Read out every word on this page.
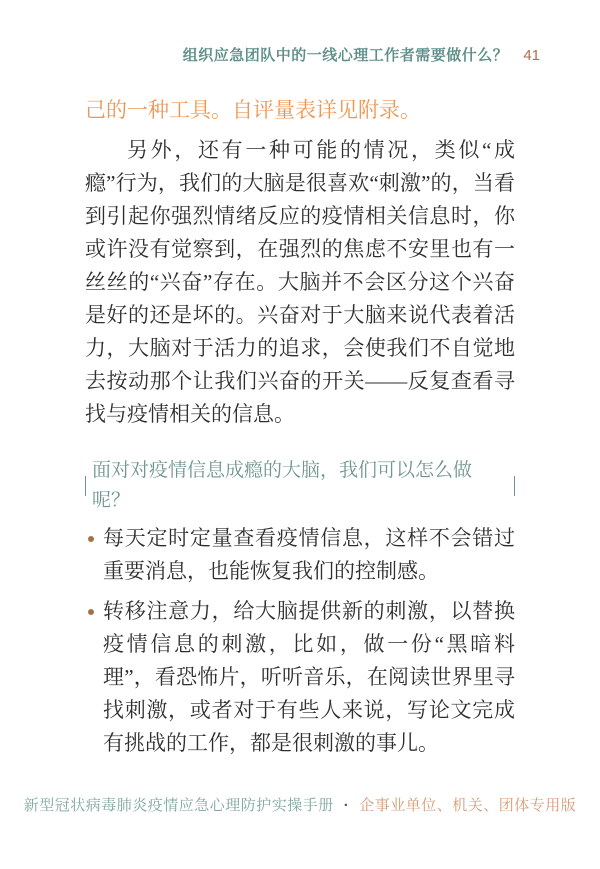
组织应急团队中的一线心理工作者需要做什么？ 41
己的一种工具。自评量表详见附录。

另外，还有一种可能的情况，类似“成瘾”行为，我们的大脑是很喜欢“刺激”的，当看到引起你强烈情绪反应的疫情相关信息时，你或许没有觉察到，在强烈的焦虑不安里也有一丝丝的“兴奋”存在。大脑并不会区分这个兴奋是好的还是坏的。兴奋对于大脑来说代表着活力，大脑对于活力的追求，会使我们不自觉地去按动那个让我们兴奋的开关——反复查看寻找与疫情相关的信息。

面对对疫情信息成瘾的大脑，我们可以怎么做呢？
每天定时定量查看疫情信息，这样不会错过重要消息，也能恢复我们的控制感。
转移注意力，给大脑提供新的刺激，以替换疫情信息的刺激，比如，做一份“黑暗料理”，看恐怖片，听听音乐，在阅读世界里寻找刺激，或者对于有些人来说，写论文完成有挑战的工作，都是很刺激的事儿。
新型冠状病毒肺炎疫情应急心理防护实操手册 · 企事业单位、机关、团体专用版
